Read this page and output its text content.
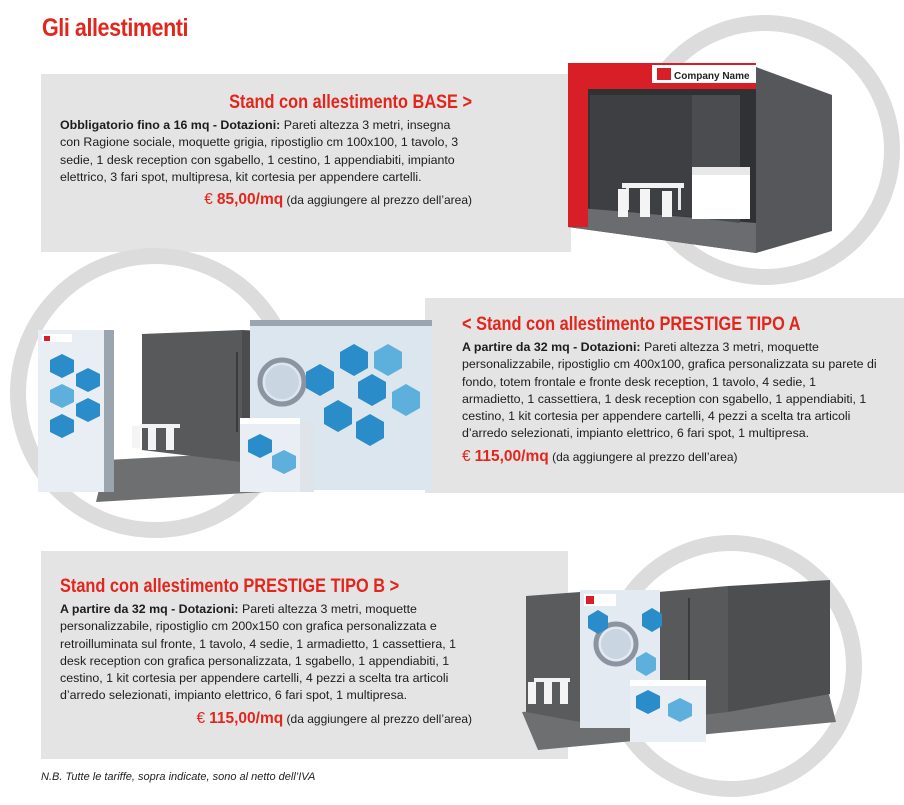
Gli allestimenti
Company Name
Stand con allestimento BASE >
Obbligatorio fino a 16 mq - Dotazioni: Pareti altezza 3 metri, insegna con Ragione sociale, moquette grigia, ripostiglio cm 100x100, 1 tavolo, 3 sedie, 1 desk reception con sgabello, 1 cestino, 1 appendiabiti, impianto elettrico, 3 fari spot, multipresa, kit cortesia per appendere cartelli.
€ 85,00/mq (da aggiungere al prezzo dell’area)
< Stand con allestimento PRESTIGE TIPO A
A partire da 32 mq - Dotazioni: Pareti altezza 3 metri, moquette personalizzabile, ripostiglio cm 400x100, grafica personalizzata su parete di fondo, totem frontale e fronte desk reception, 1 tavolo, 4 sedie, 1 armadietto, 1 cassettiera, 1 desk reception con sgabello, 1 appendiabiti, 1 cestino, 1 kit cortesia per appendere cartelli, 4 pezzi a scelta tra articoli d’arredo selezionati, impianto elettrico, 6 fari spot, 1 multipresa.
€ 115,00/mq (da aggiungere al prezzo dell’area)
Stand con allestimento PRESTIGE TIPO B >
A partire da 32 mq - Dotazioni: Pareti altezza 3 metri, moquette personalizzabile, ripostiglio cm 200x150 con grafica personalizzata e retroilluminata sul fronte, 1 tavolo, 4 sedie, 1 armadietto, 1 cassettiera, 1 desk reception con grafica personalizzata, 1 sgabello, 1 appendiabiti, 1 cestino, 1 kit cortesia per appendere cartelli, 4 pezzi a scelta tra articoli d’arredo selezionati, impianto elettrico, 6 fari spot, 1 multipresa.
€ 115,00/mq (da aggiungere al prezzo dell’area)
N.B. Tutte le tariffe, sopra indicate, sono al netto dell’IVA
